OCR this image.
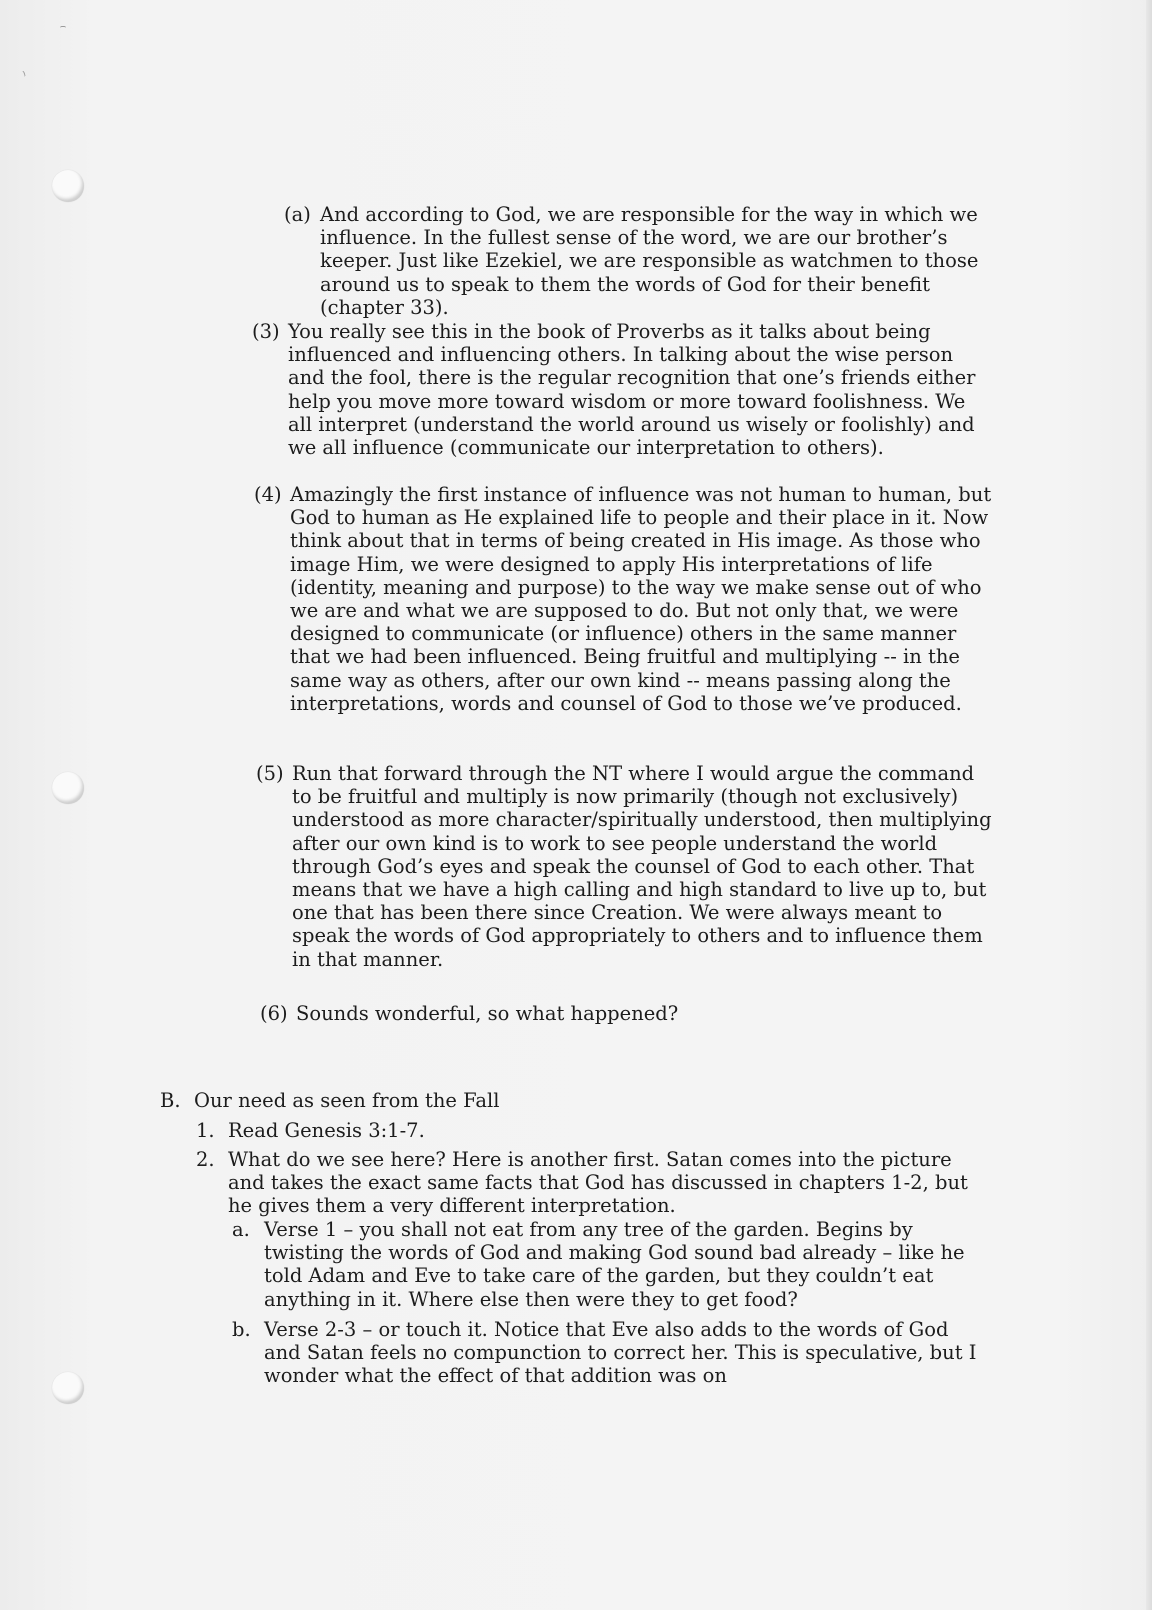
(a) And according to God, we are responsible for the way in which we influence. In the fullest sense of the word, we are our brother’s keeper. Just like Ezekiel, we are responsible as watchmen to those around us to speak to them the words of God for their benefit (chapter 33).
(3) You really see this in the book of Proverbs as it talks about being influenced and influencing others. In talking about the wise person and the fool, there is the regular recognition that one’s friends either help you move more toward wisdom or more toward foolishness. We all interpret (understand the world around us wisely or foolishly) and we all influence (communicate our interpretation to others).
(4) Amazingly the first instance of influence was not human to human, but God to human as He explained life to people and their place in it. Now think about that in terms of being created in His image. As those who image Him, we were designed to apply His interpretations of life (identity, meaning and purpose) to the way we make sense out of who we are and what we are supposed to do. But not only that, we were designed to communicate (or influence) others in the same manner that we had been influenced. Being fruitful and multiplying -- in the same way as others, after our own kind -- means passing along the interpretations, words and counsel of God to those we’ve produced.
(5) Run that forward through the NT where I would argue the command to be fruitful and multiply is now primarily (though not exclusively) understood as more character/spiritually understood, then multiplying after our own kind is to work to see people understand the world through God’s eyes and speak the counsel of God to each other. That means that we have a high calling and high standard to live up to, but one that has been there since Creation. We were always meant to speak the words of God appropriately to others and to influence them in that manner.
(6) Sounds wonderful, so what happened?
B. Our need as seen from the Fall
1. Read Genesis 3:1-7.
2. What do we see here? Here is another first. Satan comes into the picture and takes the exact same facts that God has discussed in chapters 1-2, but he gives them a very different interpretation.
a. Verse 1 – you shall not eat from any tree of the garden. Begins by twisting the words of God and making God sound bad already – like he told Adam and Eve to take care of the garden, but they couldn’t eat anything in it. Where else then were they to get food?
b. Verse 2-3 – or touch it. Notice that Eve also adds to the words of God and Satan feels no compunction to correct her. This is speculative, but I wonder what the effect of that addition was on
